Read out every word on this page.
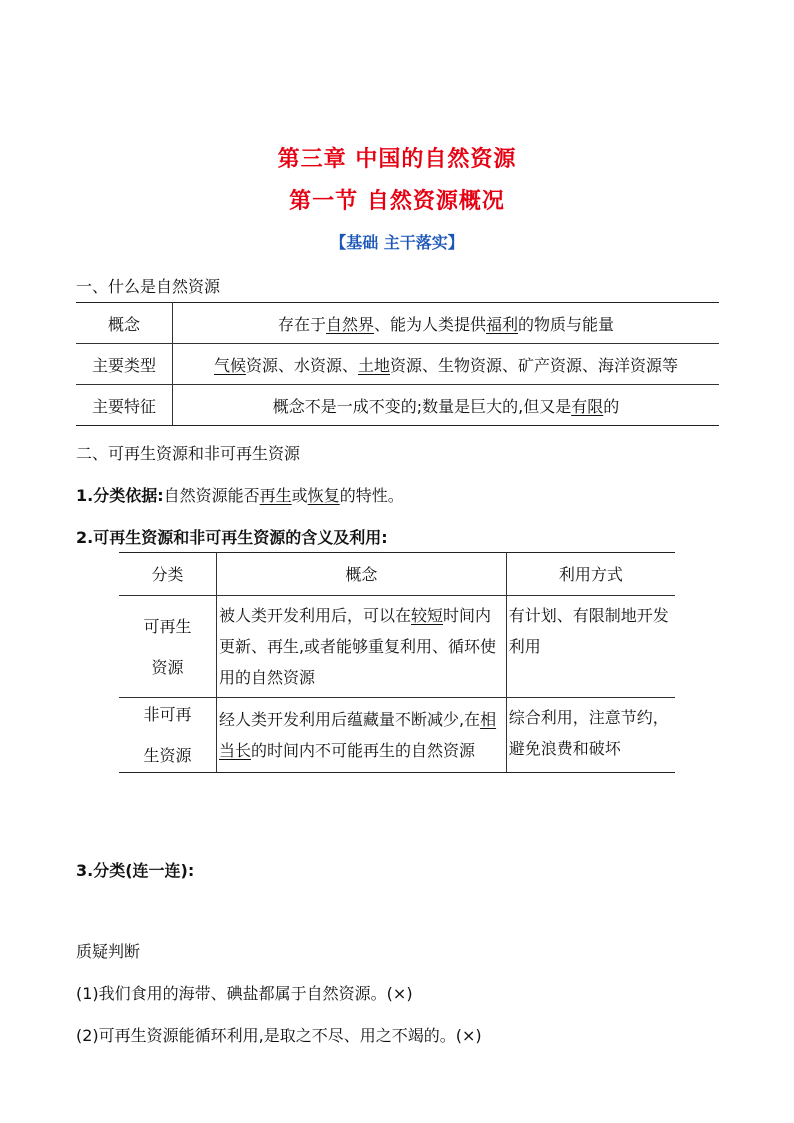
第三章 中国的自然资源
第一节 自然资源概况
【基础 主干落实】
一、什么是自然资源
概念	存在于自然界、能为人类提供福利的物质与能量
主要类型	气候资源、水资源、土地资源、生物资源、矿产资源、海洋资源等
主要特征	概念不是一成不变的;数量是巨大的,但又是有限的
二、可再生资源和非可再生资源
1.分类依据:自然资源能否再生或恢复的特性。
2.可再生资源和非可再生资源的含义及利用:
分类	概念	利用方式

可再生
资源	被人类开发利用后，可以在较短时间内更新、再生,或者能够重复利用、循环使用的自然资源	有计划、有限制地开发利用

非可再
生资源	经人类开发利用后蕴藏量不断减少,在相当长的时间内不可能再生的自然资源	综合利用，注意节约，避免浪费和破坏
3.分类(连一连):
质疑判断
(1)我们食用的海带、碘盐都属于自然资源。(×)
(2)可再生资源能循环利用,是取之不尽、用之不竭的。(×)
